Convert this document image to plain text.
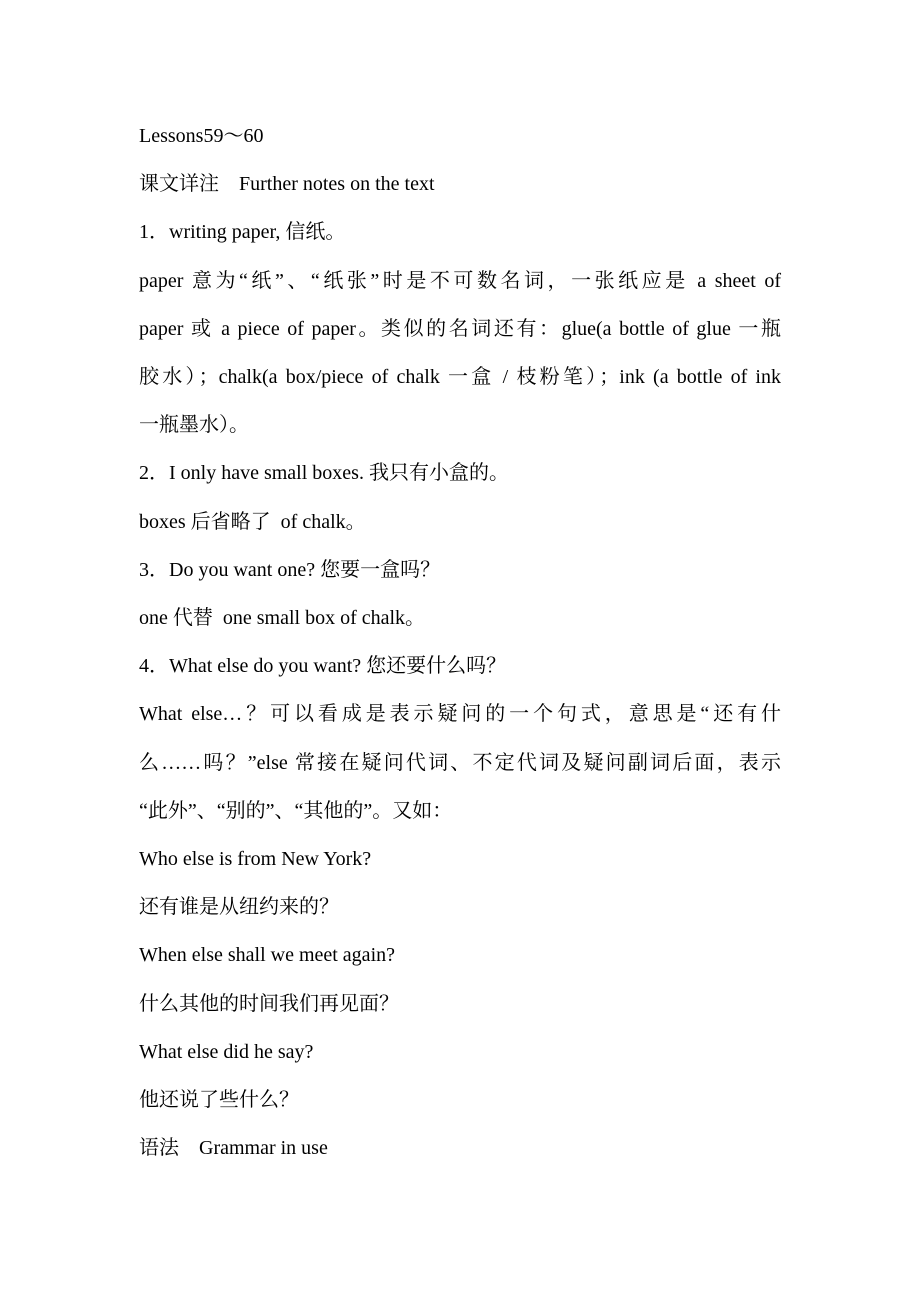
Lessons59～60
课文详注　Further notes on the text
1．writing paper, 信纸。
paper 意为“纸”、“纸张”时是不可数名词，一张纸应是 a sheet of
paper 或 a piece of paper。类似的名词还有：glue(a bottle of glue 一瓶
胶水）；chalk(a box/piece of chalk 一盒 / 枝粉笔）；ink (a bottle of ink
一瓶墨水）。
2．I only have small boxes. 我只有小盒的。
boxes 后省略了  of chalk。
3．Do you want one? 您要一盒吗？
one 代替  one small box of chalk。
4．What else do you want? 您还要什么吗？
What else…？可以看成是表示疑问的一个句式，意思是“还有什
么……吗？”else 常接在疑问代词、不定代词及疑问副词后面，表示
“此外”、“别的”、“其他的”。又如：
Who else is from New York?
还有谁是从纽约来的？
When else shall we meet again?
什么其他的时间我们再见面？
What else did he say?
他还说了些什么？
语法　Grammar in use
